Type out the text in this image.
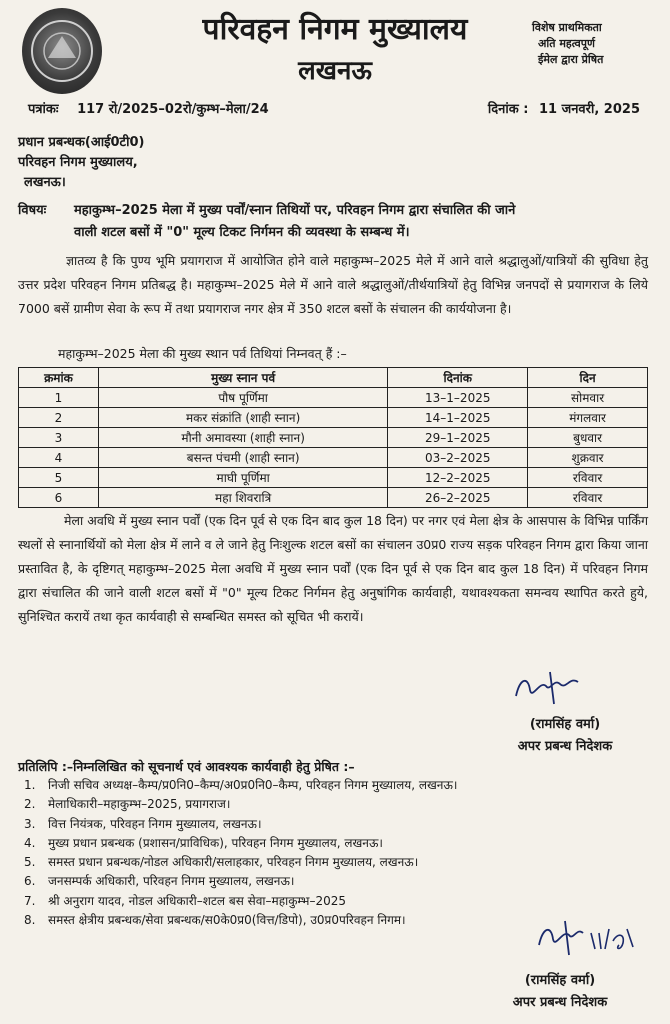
परिवहन निगम मुख्यालय
लखनऊ
विशेष प्राथमिकता
अति महत्वपूर्ण
ईमेल द्वारा प्रेषित
पत्रांकः 117 रो/2025–02रो/कुम्भ–मेला/24	दिनांक : 11 जनवरी, 2025
प्रधान प्रबन्धक(आई0टी0)
परिवहन निगम मुख्यालय,
लखनऊ।
विषयः महाकुम्भ–2025 मेला में मुख्य पर्वों/स्नान तिथियों पर, परिवहन निगम द्वारा संचालित की जाने
वाली शटल बसों में "0" मूल्य टिकट निर्गमन की व्यवस्था के सम्बन्ध में।
ज्ञातव्य है कि पुण्य भूमि प्रयागराज में आयोजित होने वाले महाकुम्भ–2025 मेले में आने वाले श्रद्धालुओं/यात्रियों की सुविधा हेतु उत्तर प्रदेश परिवहन निगम प्रतिबद्ध है। महाकुम्भ–2025 मेले में आने वाले श्रद्धालुओं/तीर्थयात्रियों हेतु विभिन्न जनपदों से प्रयागराज के लिये 7000 बसें ग्रामीण सेवा के रूप में तथा प्रयागराज नगर क्षेत्र में 350 शटल बसों के संचालन की कार्ययोजना है।
महाकुम्भ–2025 मेला की मुख्य स्थान पर्व तिथियां निम्नवत् हैं :–
क्रमांक	मुख्य स्नान पर्व	दिनांक	दिन
1	पौष पूर्णिमा	13–1–2025	सोमवार
2	मकर संक्रांति (शाही स्नान)	14–1–2025	मंगलवार
3	मौनी अमावस्या (शाही स्नान)	29–1–2025	बुधवार
4	बसन्त पंचमी (शाही स्नान)	03–2–2025	शुक्रवार
5	माघी पूर्णिमा	12–2–2025	रविवार
6	महा शिवरात्रि	26–2–2025	रविवार
मेला अवधि में मुख्य स्नान पर्वों (एक दिन पूर्व से एक दिन बाद कुल 18 दिन) पर नगर एवं मेला क्षेत्र के आसपास के विभिन्न पार्किंग स्थलों से स्नानार्थियों को मेला क्षेत्र में लाने व ले जाने हेतु निःशुल्क शटल बसों का संचालन उ0प्र0 राज्य सड़क परिवहन निगम द्वारा किया जाना प्रस्तावित है, के दृष्टिगत् महाकुम्भ–2025 मेला अवधि में मुख्य स्नान पर्वों (एक दिन पूर्व से एक दिन बाद कुल 18 दिन) में परिवहन निगम द्वारा संचालित की जाने वाली शटल बसों में "0" मूल्य टिकट निर्गमन हेतु अनुषांगिक कार्यवाही, यथावश्यकता समन्वय स्थापित करते हुये, सुनिश्चित करायें तथा कृत कार्यवाही से सम्बन्धित समस्त को सूचित भी करायें।
(रामसिंह वर्मा)
अपर प्रबन्ध निदेशक
प्रतिलिपि :–निम्नलिखित को सूचनार्थ एवं आवश्यक कार्यवाही हेतु प्रेषित :–
1. निजी सचिव अध्यक्ष–कैम्प/प्र0नि0–कैम्प/अ0प्र0नि0–कैम्प, परिवहन निगम मुख्यालय, लखनऊ।
2. मेलाधिकारी–महाकुम्भ–2025, प्रयागराज।
3. वित्त नियंत्रक, परिवहन निगम मुख्यालय, लखनऊ।
4. मुख्य प्रधान प्रबन्धक (प्रशासन/प्राविधिक), परिवहन निगम मुख्यालय, लखनऊ।
5. समस्त प्रधान प्रबन्धक/नोडल अधिकारी/सलाहकार, परिवहन निगम मुख्यालय, लखनऊ।
6. जनसम्पर्क अधिकारी, परिवहन निगम मुख्यालय, लखनऊ।
7. श्री अनुराग यादव, नोडल अधिकारी–शटल बस सेवा–महाकुम्भ–2025
8. समस्त क्षेत्रीय प्रबन्धक/सेवा प्रबन्धक/स0के0प्र0(वित्त/डिपो), उ0प्र0परिवहन निगम।
(रामसिंह वर्मा)
अपर प्रबन्ध निदेशक
